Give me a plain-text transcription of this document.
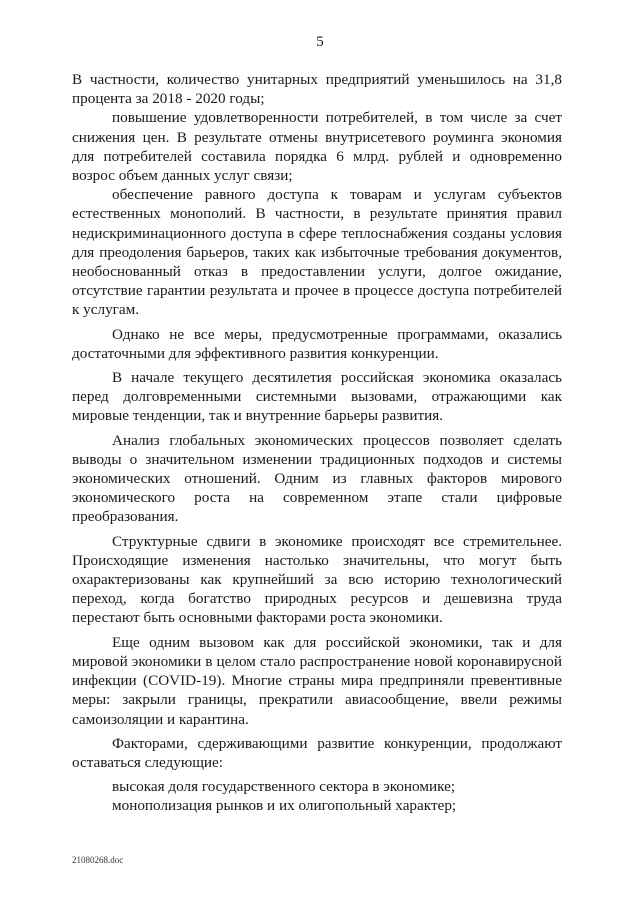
5

В частности, количество унитарных предприятий уменьшилось на 31,8 процента за 2018 - 2020 годы;

повышение удовлетворенности потребителей, в том числе за счет снижения цен. В результате отмены внутрисетевого роуминга экономия для потребителей составила порядка 6 млрд. рублей и одновременно возрос объем данных услуг связи;

обеспечение равного доступа к товарам и услугам субъектов естественных монополий. В частности, в результате принятия правил недискриминационного доступа в сфере теплоснабжения созданы условия для преодоления барьеров, таких как избыточные требования документов, необоснованный отказ в предоставлении услуги, долгое ожидание, отсутствие гарантии результата и прочее в процессе доступа потребителей к услугам.

Однако не все меры, предусмотренные программами, оказались достаточными для эффективного развития конкуренции.

В начале текущего десятилетия российская экономика оказалась перед долговременными системными вызовами, отражающими как мировые тенденции, так и внутренние барьеры развития.

Анализ глобальных экономических процессов позволяет сделать выводы о значительном изменении традиционных подходов и системы экономических отношений. Одним из главных факторов мирового экономического роста на современном этапе стали цифровые преобразования.

Структурные сдвиги в экономике происходят все стремительнее. Происходящие изменения настолько значительны, что могут быть охарактеризованы как крупнейший за всю историю технологический переход, когда богатство природных ресурсов и дешевизна труда перестают быть основными факторами роста экономики.

Еще одним вызовом как для российской экономики, так и для мировой экономики в целом стало распространение новой коронавирусной инфекции (COVID-19). Многие страны мира предприняли превентивные меры: закрыли границы, прекратили авиасообщение, ввели режимы самоизоляции и карантина.

Факторами, сдерживающими развитие конкуренции, продолжают оставаться следующие:

высокая доля государственного сектора в экономике;

монополизация рынков и их олигопольный характер;

21080268.doc
